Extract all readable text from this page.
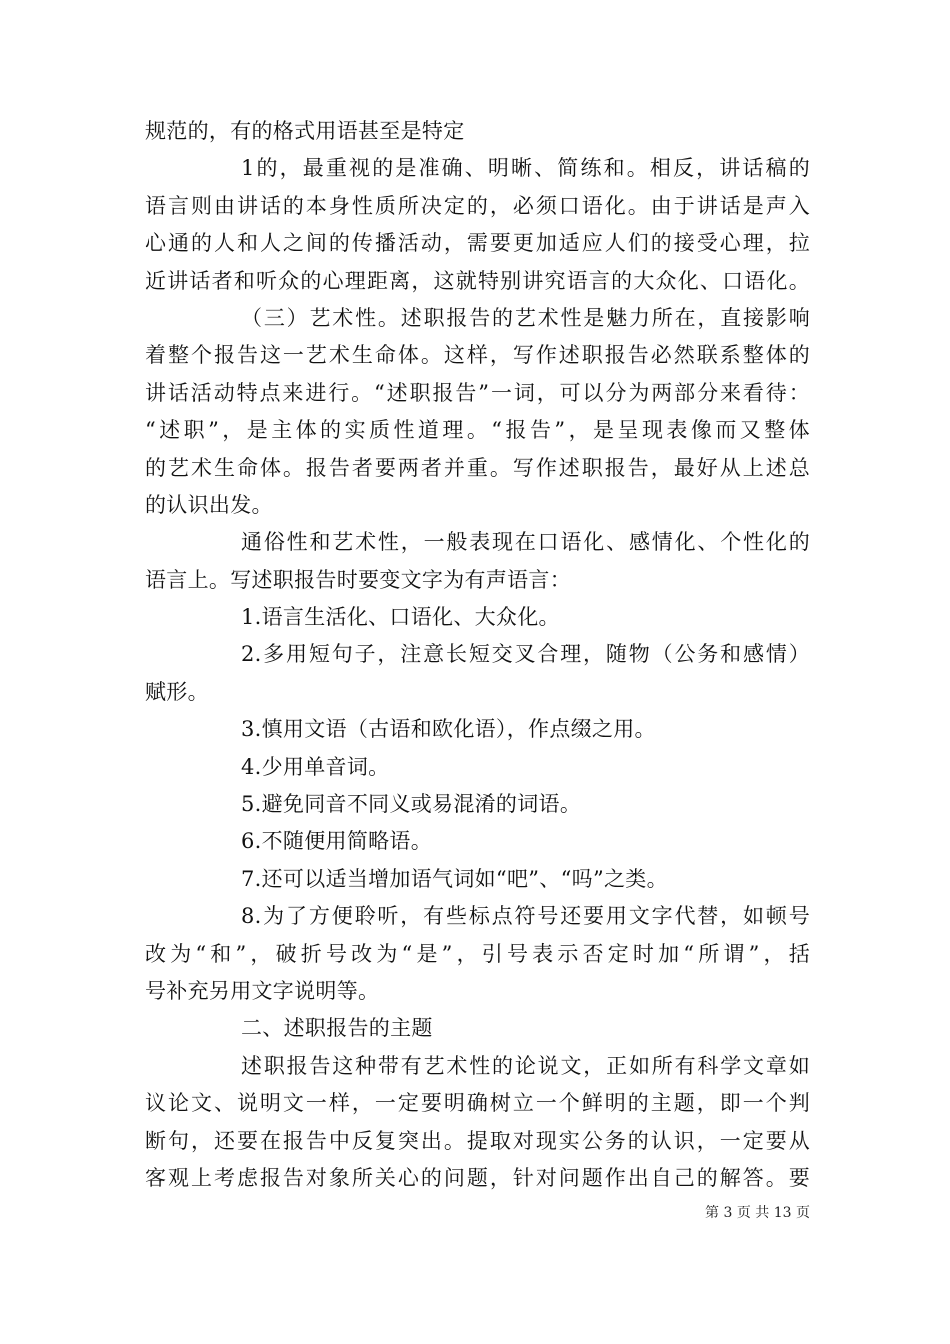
规范的，有的格式用语甚至是特定
1的，最重视的是准确、明晰、简练和。相反，讲话稿的
语言则由讲话的本身性质所决定的，必须口语化。由于讲话是声入
心通的人和人之间的传播活动，需要更加适应人们的接受心理，拉
近讲话者和听众的心理距离，这就特别讲究语言的大众化、口语化。
（三）艺术性。述职报告的艺术性是魅力所在，直接影响
着整个报告这一艺术生命体。这样，写作述职报告必然联系整体的
讲话活动特点来进行。“述职报告”一词，可以分为两部分来看待：
“述职”，是主体的实质性道理。“报告”，是呈现表像而又整体
的艺术生命体。报告者要两者并重。写作述职报告，最好从上述总
的认识出发。
通俗性和艺术性，一般表现在口语化、感情化、个性化的
语言上。写述职报告时要变文字为有声语言：
1.语言生活化、口语化、大众化。
2.多用短句子，注意长短交叉合理，随物（公务和感情）
赋形。
3.慎用文语（古语和欧化语），作点缀之用。
4.少用单音词。
5.避免同音不同义或易混淆的词语。
6.不随便用简略语。
7.还可以适当增加语气词如“吧”、“吗”之类。
8.为了方便聆听，有些标点符号还要用文字代替，如顿号
改为“和”，破折号改为“是”，引号表示否定时加“所谓”，括
号补充另用文字说明等。
二、述职报告的主题
述职报告这种带有艺术性的论说文，正如所有科学文章如
议论文、说明文一样，一定要明确树立一个鲜明的主题，即一个判
断句，还要在报告中反复突出。提取对现实公务的认识，一定要从
客观上考虑报告对象所关心的问题，针对问题作出自己的解答。要
第 3 页 共 13 页
